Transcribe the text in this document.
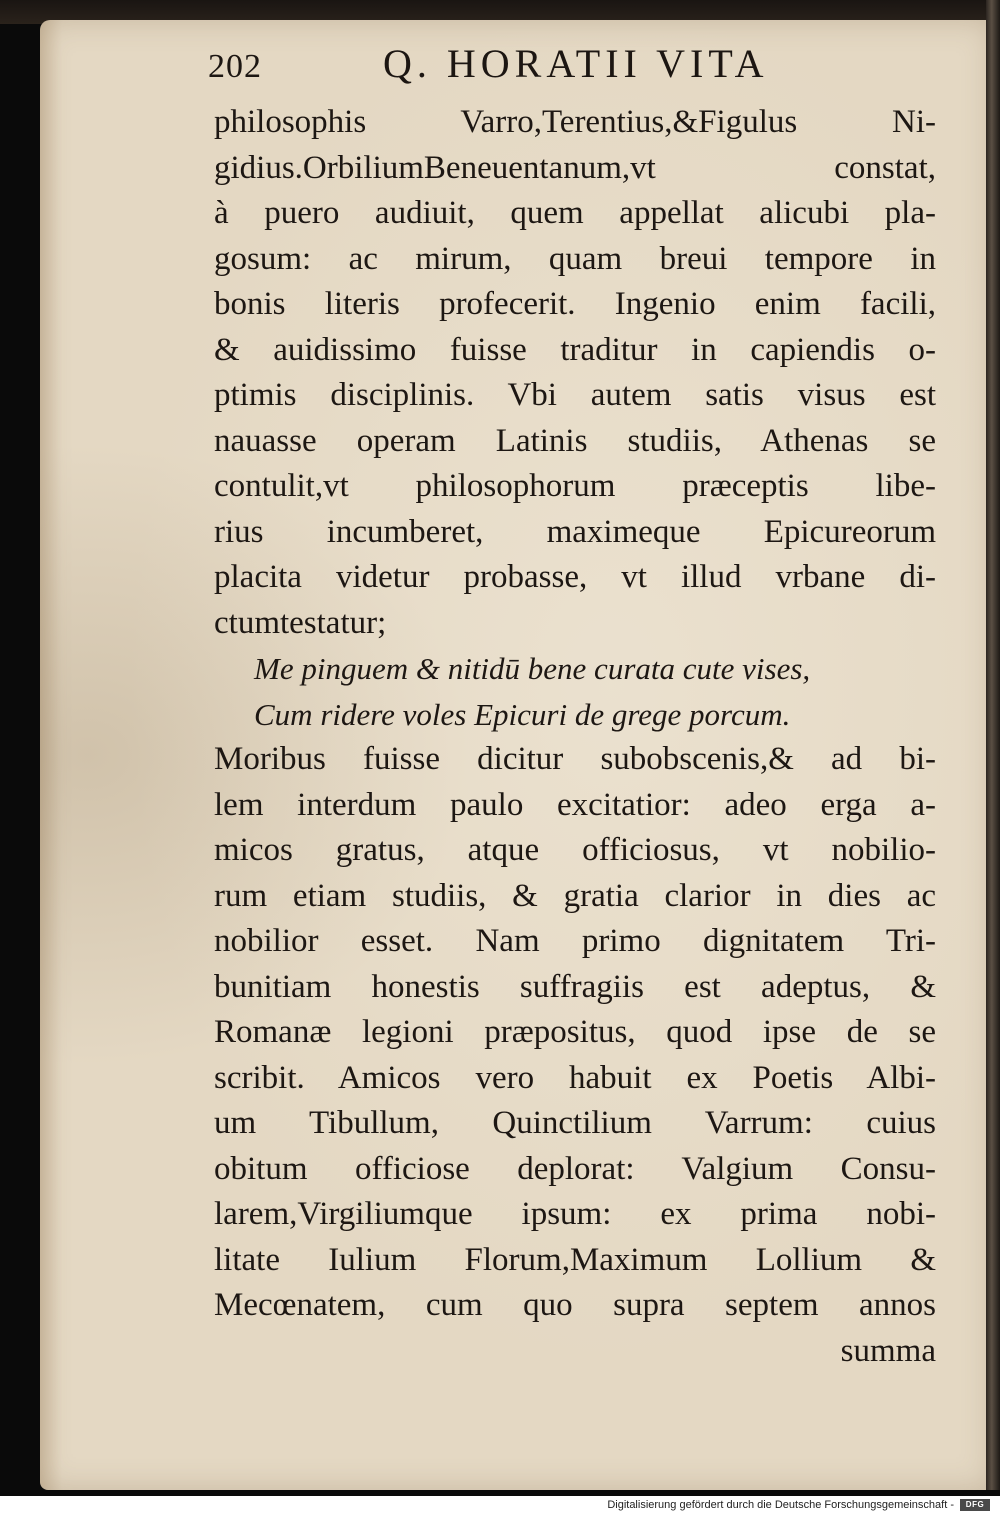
202	Q. HORATII VITA
philosophis Varro,Terentius,&Figulus Ni-
gidius.OrbiliumBeneuentanum,vt constat,
à puero audiuit, quem appellat alicubi pla-
gosum: ac mirum, quam breui tempore in
bonis literis profecerit. Ingenio enim facili,
& auidissimo fuisse traditur in capiendis o-
ptimis disciplinis. Vbi autem satis visus est
nauasse operam Latinis studiis, Athenas se
contulit,vt philosophorum præceptis libe-
rius incumberet, maximeque Epicureorum
placita videtur probasse, vt illud vrbane di-
ctumtestatur;
Me pinguem & nitidū bene curata cute vises,
Cum ridere voles Epicuri de grege porcum.
Moribus fuisse dicitur subobscenis,& ad bi-
lem interdum paulo excitatior: adeo erga a-
micos gratus, atque officiosus, vt nobilio-
rum etiam studiis, & gratia clarior in dies ac
nobilior esset. Nam primo dignitatem Tri-
bunitiam honestis suffragiis est adeptus, &
Romanæ legioni præpositus, quod ipse de se
scribit. Amicos vero habuit ex Poetis Albi-
um Tibullum, Quinctilium Varrum: cuius
obitum officiose deplorat: Valgium Consu-
larem,Virgiliumque ipsum: ex prima nobi-
litate Iulium Florum,Maximum Lollium &
Mecœnatem, cum quo supra septem annos
summa
Digitalisierung gefördert durch die Deutsche Forschungsgemeinschaft -	DFG
